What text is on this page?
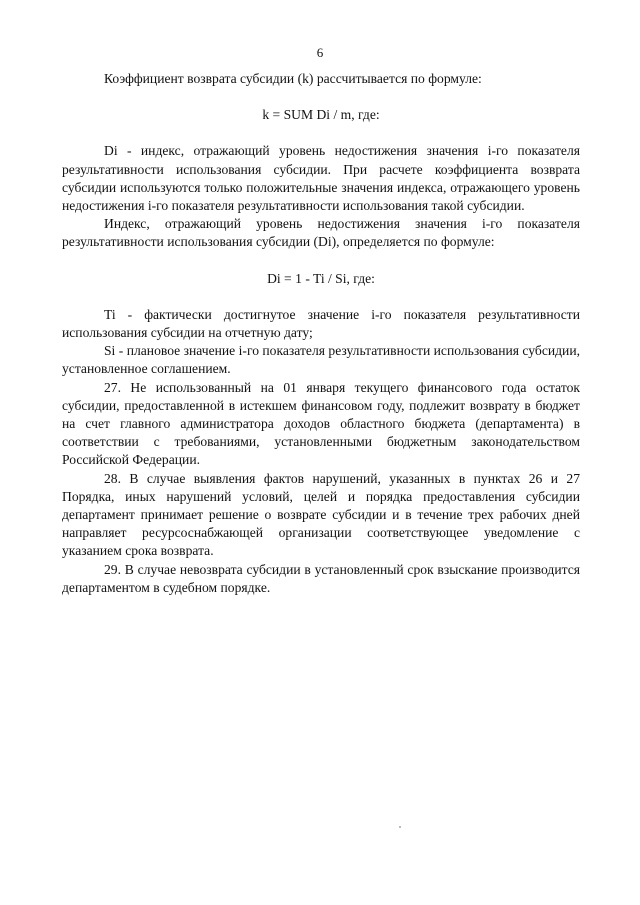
6

Коэффициент возврата субсидии (k) рассчитывается по формуле:

k = SUM Di / m, где:

Di - индекс, отражающий уровень недостижения значения i-го показателя результативности использования субсидии. При расчете коэффициента возврата субсидии используются только положительные значения индекса, отражающего уровень недостижения i-го показателя результативности использования такой субсидии.

Индекс, отражающий уровень недостижения значения i-го показателя результативности использования субсидии (Di), определяется по формуле:

Di = 1 - Ti / Si, где:

Ti - фактически достигнутое значение i-го показателя результативности использования субсидии на отчетную дату;

Si - плановое значение i-го показателя результативности использования субсидии, установленное соглашением.

27. Не использованный на 01 января текущего финансового года остаток субсидии, предоставленной в истекшем финансовом году, подлежит возврату в бюджет на счет главного администратора доходов областного бюджета (департамента) в соответствии с требованиями, установленными бюджетным законодательством Российской Федерации.

28. В случае выявления фактов нарушений, указанных в пунктах 26 и 27 Порядка, иных нарушений условий, целей и порядка предоставления субсидии департамент принимает решение о возврате субсидии и в течение трех рабочих дней направляет ресурсоснабжающей организации соответствующее уведомление с указанием срока возврата.

29. В случае невозврата субсидии в установленный срок взыскание производится департаментом в судебном порядке.
